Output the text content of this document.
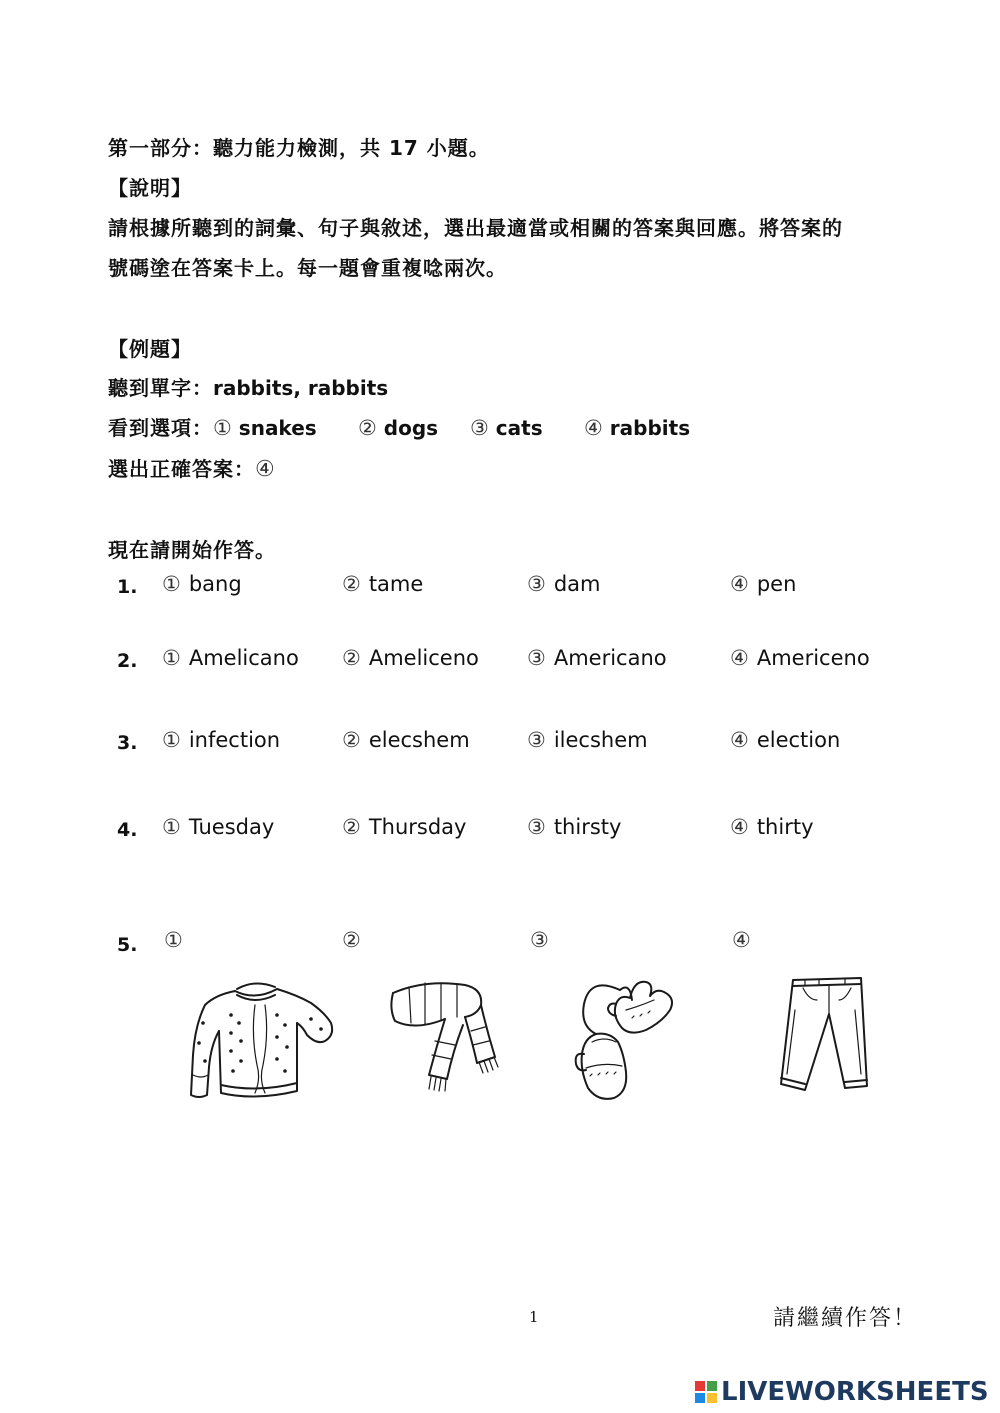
第一部分：聽力能力檢測，共 17 小題。
【說明】
請根據所聽到的詞彙、句子與敘述，選出最適當或相關的答案與回應。將答案的
號碼塗在答案卡上。每一題會重複唸兩次。
【例題】
聽到單字：rabbits, rabbits
看到選項：① snakes ② dogs ③ cats ④ rabbits
選出正確答案：④
現在請開始作答。
1. ① bang	② tame	③ dam	④ pen
2. ① Amelicano ② Ameliceno ③ Americano	④ Americeno
3. ① infection	② elecshem	③ ilecshem	④ election
4. ① Tuesday	② Thursday	③ thirsty	④ thirty
5. ①	②	③	④
1	請繼續作答！
LIVEWORKSHEETS
